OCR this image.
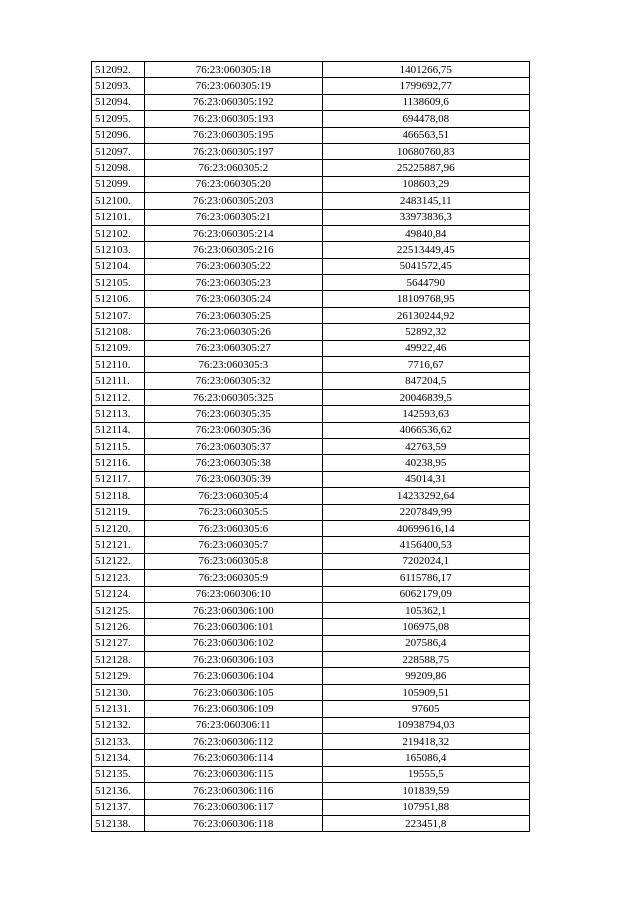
512092.	76:23:060305:18	1401266,75
512093.	76:23:060305:19	1799692,77
512094.	76:23:060305:192	1138609,6
512095.	76:23:060305:193	694478,08
512096.	76:23:060305:195	466563,51
512097.	76:23:060305:197	10680760,83
512098.	76:23:060305:2	25225887,96
512099.	76:23:060305:20	108603,29
512100.	76:23:060305:203	2483145,11
512101.	76:23:060305:21	33973836,3
512102.	76:23:060305:214	49840,84
512103.	76:23:060305:216	22513449,45
512104.	76:23:060305:22	5041572,45
512105.	76:23:060305:23	5644790
512106.	76:23:060305:24	18109768,95
512107.	76:23:060305:25	26130244,92
512108.	76:23:060305:26	52892,32
512109.	76:23:060305:27	49922,46
512110.	76:23:060305:3	7716,67
512111.	76:23:060305:32	847204,5
512112.	76:23:060305:325	20046839,5
512113.	76:23:060305:35	142593,63
512114.	76:23:060305:36	4066536,62
512115.	76:23:060305:37	42763,59
512116.	76:23:060305:38	40238,95
512117.	76:23:060305:39	45014,31
512118.	76:23:060305:4	14233292,64
512119.	76:23:060305:5	2207849,99
512120.	76:23:060305:6	40699616,14
512121.	76:23:060305:7	4156400,53
512122.	76:23:060305:8	7202024,1
512123.	76:23:060305:9	6115786,17
512124.	76:23:060306:10	6062179,09
512125.	76:23:060306:100	105362,1
512126.	76:23:060306:101	106975,08
512127.	76:23:060306:102	207586,4
512128.	76:23:060306:103	228588,75
512129.	76:23:060306:104	99209,86
512130.	76:23:060306:105	105909,51
512131.	76:23:060306:109	97605
512132.	76:23:060306:11	10938794,03
512133.	76:23:060306:112	219418,32
512134.	76:23:060306:114	165086,4
512135.	76:23:060306:115	19555,5
512136.	76:23:060306:116	101839,59
512137.	76:23:060306:117	107951,88
512138.	76:23:060306:118	223451,8
